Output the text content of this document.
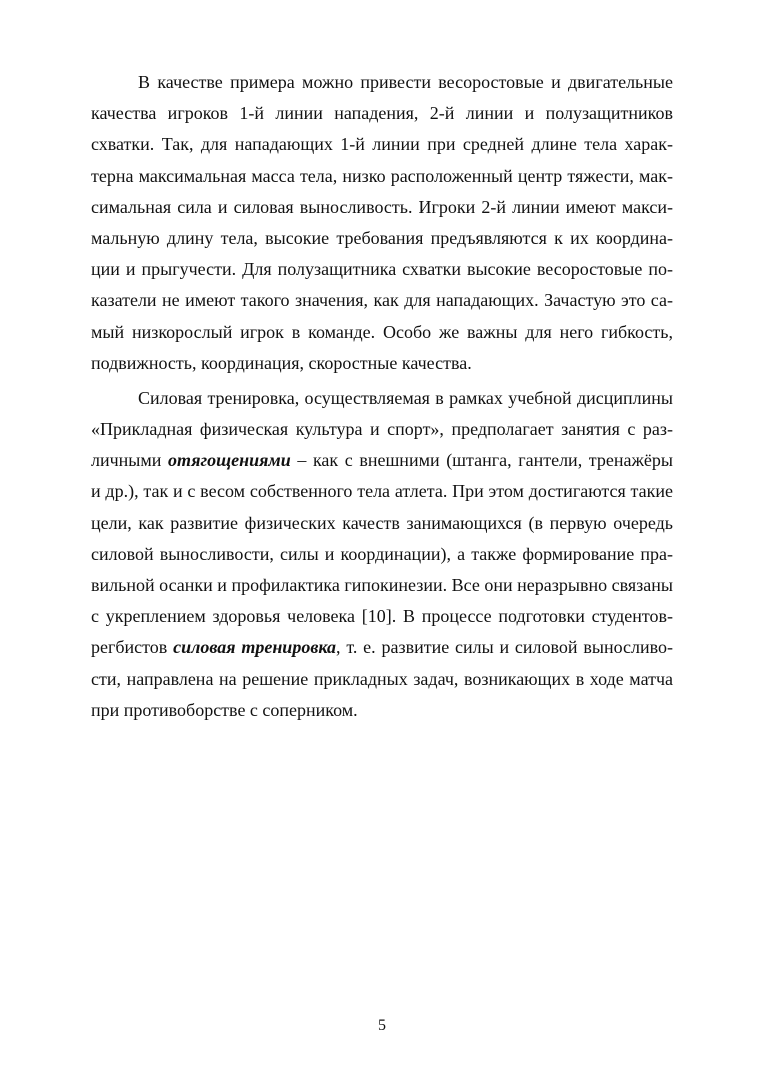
В качестве примера можно привести весоростовые и двигательные
качества игроков 1-й линии нападения, 2-й линии и полузащитников
схватки. Так, для нападающих 1-й линии при средней длине тела харак-
терна максимальная масса тела, низко расположенный центр тяжести, мак-
симальная сила и силовая выносливость. Игроки 2-й линии имеют макси-
мальную длину тела, высокие требования предъявляются к их координа-
ции и прыгучести. Для полузащитника схватки высокие весоростовые по-
казатели не имеют такого значения, как для нападающих. Зачастую это са-
мый низкорослый игрок в команде. Особо же важны для него гибкость,
подвижность, координация, скоростные качества.
Силовая тренировка, осуществляемая в рамках учебной дисциплины
«Прикладная физическая культура и спорт», предполагает занятия с раз-
личными отягощениями – как с внешними (штанга, гантели, тренажёры
и др.), так и с весом собственного тела атлета. При этом достигаются такие
цели, как развитие физических качеств занимающихся (в первую очередь
силовой выносливости, силы и координации), а также формирование пра-
вильной осанки и профилактика гипокинезии. Все они неразрывно связаны
с укреплением здоровья человека [10]. В процессе подготовки студентов-
регбистов силовая тренировка, т. е. развитие силы и силовой выносливо-
сти, направлена на решение прикладных задач, возникающих в ходе матча
при противоборстве с соперником.
5
